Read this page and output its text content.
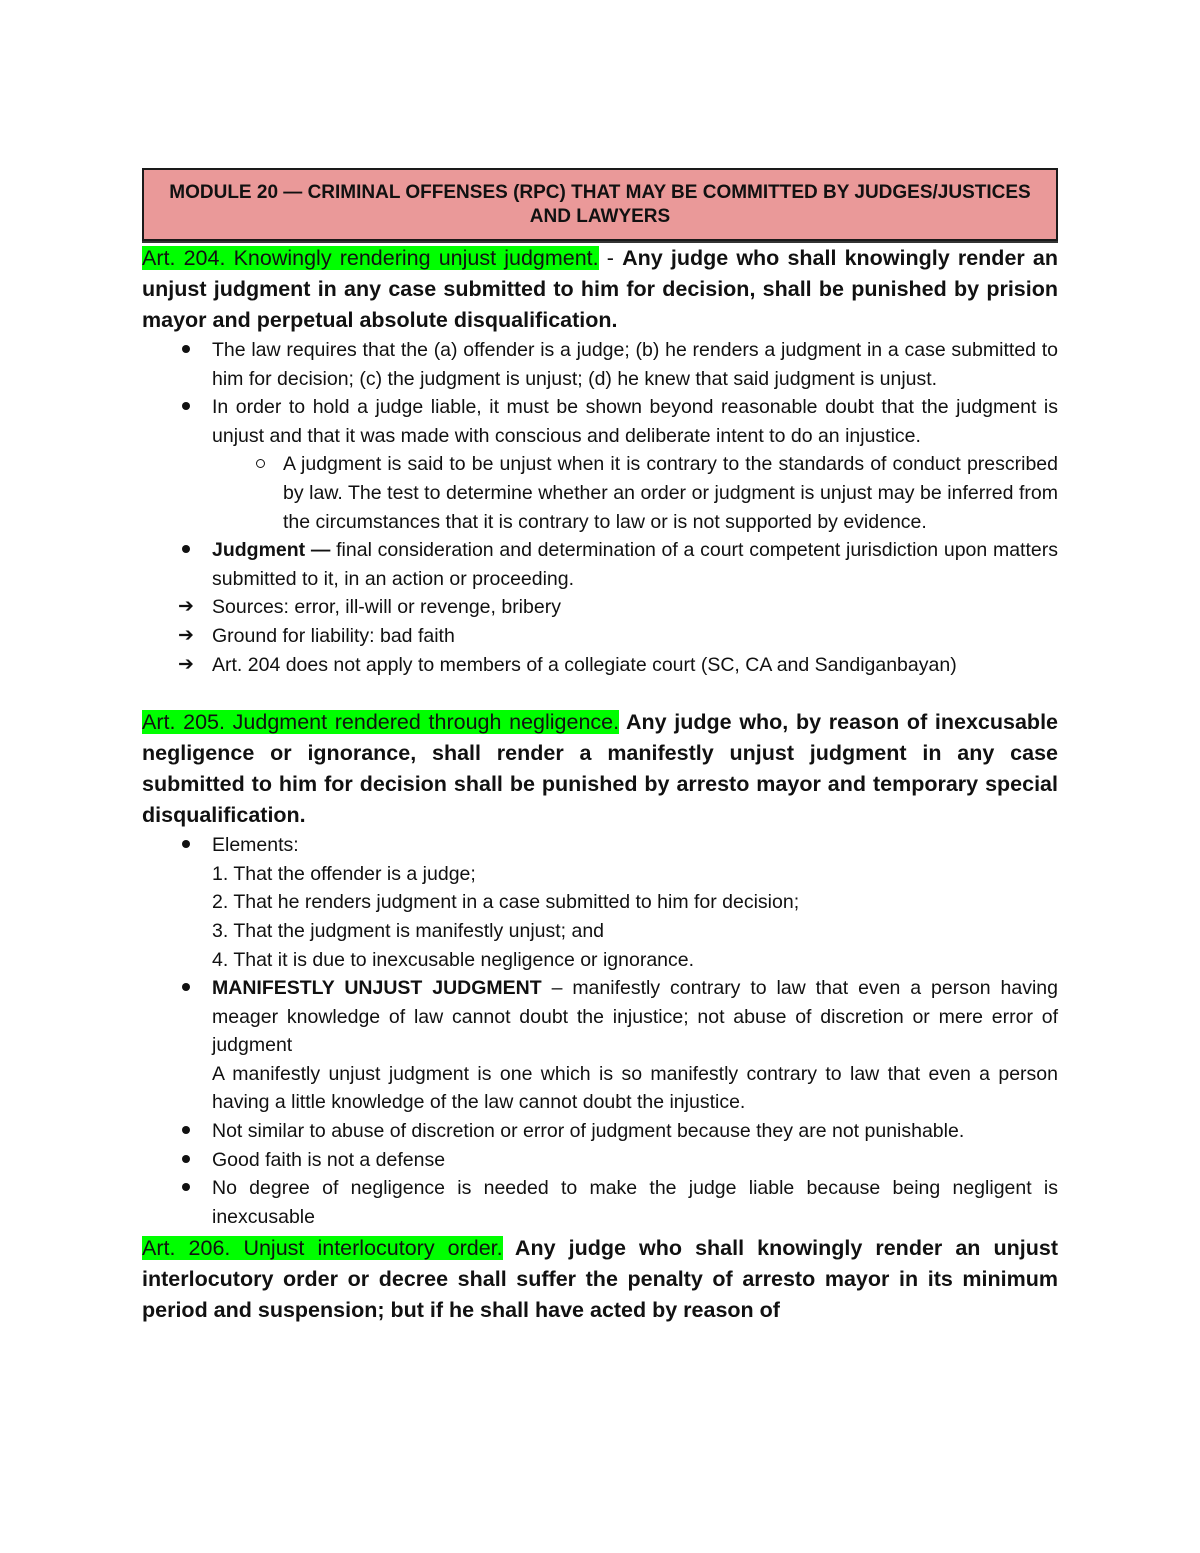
MODULE 20 — CRIMINAL OFFENSES (RPC) THAT MAY BE COMMITTED BY JUDGES/JUSTICES AND LAWYERS

Art. 204. Knowingly rendering unjust judgment. - Any judge who shall knowingly render an unjust judgment in any case submitted to him for decision, shall be punished by prision mayor and perpetual absolute disqualification.

The law requires that the (a) offender is a judge; (b) he renders a judgment in a case submitted to him for decision; (c) the judgment is unjust; (d) he knew that said judgment is unjust.
In order to hold a judge liable, it must be shown beyond reasonable doubt that the judgment is unjust and that it was made with conscious and deliberate intent to do an injustice.
A judgment is said to be unjust when it is contrary to the standards of conduct prescribed by law. The test to determine whether an order or judgment is unjust may be inferred from the circumstances that it is contrary to law or is not supported by evidence.
Judgment — final consideration and determination of a court competent jurisdiction upon matters submitted to it, in an action or proceeding.
➔ Sources: error, ill-will or revenge, bribery
➔ Ground for liability: bad faith
➔ Art. 204 does not apply to members of a collegiate court (SC, CA and Sandiganbayan)

Art. 205. Judgment rendered through negligence. Any judge who, by reason of inexcusable negligence or ignorance, shall render a manifestly unjust judgment in any case submitted to him for decision shall be punished by arresto mayor and temporary special disqualification.

Elements:
1. That the offender is a judge;
2. That he renders judgment in a case submitted to him for decision;
3. That the judgment is manifestly unjust; and
4. That it is due to inexcusable negligence or ignorance.
MANIFESTLY UNJUST JUDGMENT – manifestly contrary to law that even a person having meager knowledge of law cannot doubt the injustice; not abuse of discretion or mere error of judgment
A manifestly unjust judgment is one which is so manifestly contrary to law that even a person having a little knowledge of the law cannot doubt the injustice.
Not similar to abuse of discretion or error of judgment because they are not punishable.
Good faith is not a defense
No degree of negligence is needed to make the judge liable because being negligent is inexcusable

Art. 206. Unjust interlocutory order. Any judge who shall knowingly render an unjust interlocutory order or decree shall suffer the penalty of arresto mayor in its minimum period and suspension; but if he shall have acted by reason of
